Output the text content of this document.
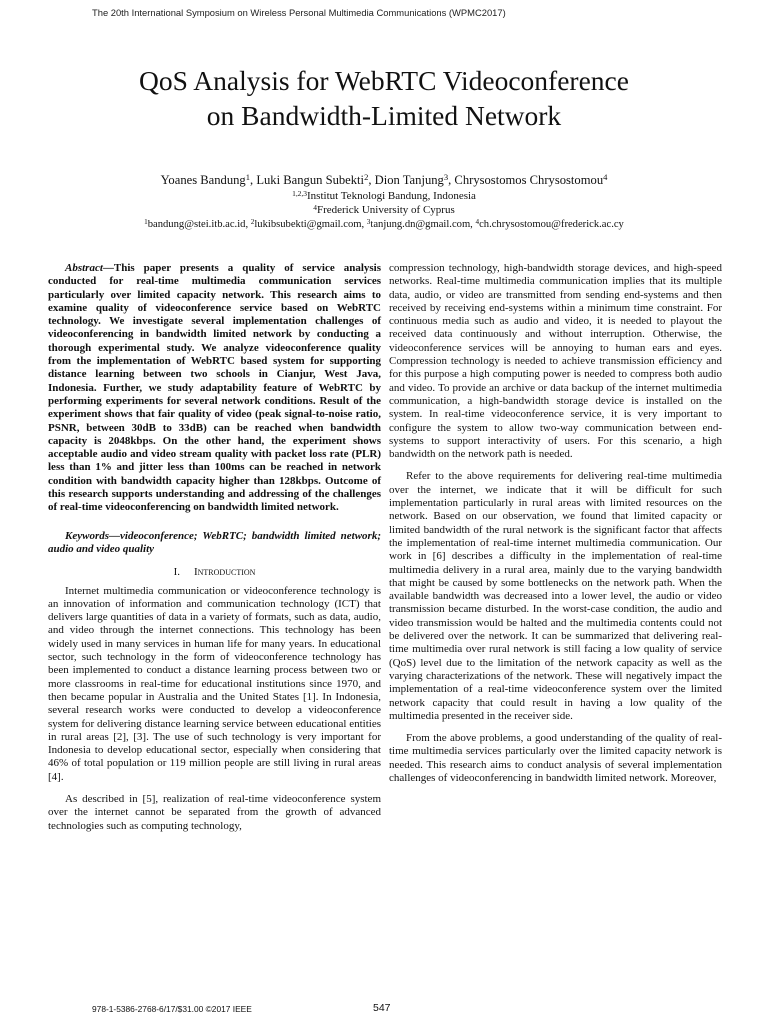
The 20th International Symposium on Wireless Personal Multimedia Communications (WPMC2017)
QoS Analysis for WebRTC Videoconference
on Bandwidth-Limited Network
Yoanes Bandung$^1$, Luki Bangun Subekti$^2$, Dion Tanjung$^3$, Chrysostomos Chrysostomou$^4$
$^{1,2,3}$Institut Teknologi Bandung, Indonesia
$^4$Frederick University of Cyprus
$^1$bandung@stei.itb.ac.id, $^2$lukibsubekti@gmail.com, $^3$tanjung.dn@gmail.com, $^4$ch.chrysostomou@frederick.ac.cy

Abstract—This paper presents a quality of service analysis conducted for real-time multimedia communication services particularly over limited capacity network. This research aims to examine quality of videoconference service based on WebRTC technology. We investigate several implementation challenges of videoconferencing in bandwidth limited network by conducting a thorough experimental study. We analyze videoconference quality from the implementation of WebRTC based system for supporting distance learning between two schools in Cianjur, West Java, Indonesia. Further, we study adaptability feature of WebRTC by performing experiments for several network conditions. Result of the experiment shows that fair quality of video (peak signal-to-noise ratio, PSNR, between 30dB to 33dB) can be reached when bandwidth capacity is 2048kbps. On the other hand, the experiment shows acceptable audio and video stream quality with packet loss rate (PLR) less than 1% and jitter less than 100ms can be reached in network condition with bandwidth capacity higher than 128kbps. Outcome of this research supports understanding and addressing of the challenges of real-time videoconferencing on bandwidth limited network.

Keywords—videoconference; WebRTC; bandwidth limited network; audio and video quality

I. Introduction

Internet multimedia communication or videoconference technology is an innovation of information and communication technology (ICT) that delivers large quantities of data in a variety of formats, such as data, audio, and video through the internet connections. This technology has been widely used in many services in human life for many years. In educational sector, such technology in the form of videoconference technology has been implemented to conduct a distance learning process between two or more classrooms in real-time for educational institutions since 1970, and then became popular in Australia and the United States [1]. In Indonesia, several research works were conducted to develop a videoconference system for delivering distance learning service between educational entities in rural areas [2], [3]. The use of such technology is very important for Indonesia to develop educational sector, especially when considering that 46% of total population or 119 million people are still living in rural areas [4].

As described in [5], realization of real-time videoconference system over the internet cannot be separated from the growth of advanced technologies such as computing technology,

compression technology, high-bandwidth storage devices, and high-speed networks. Real-time multimedia communication implies that its multiple data, audio, or video are transmitted from sending end-systems and then received by receiving end-systems within a minimum time constraint. For continuous media such as audio and video, it is needed to playout the received data continuously and without interruption. Otherwise, the videoconference services will be annoying to human ears and eyes. Compression technology is needed to achieve transmission efficiency and for this purpose a high computing power is needed to compress both audio and video. To provide an archive or data backup of the internet multimedia communication, a high-bandwidth storage device is installed on the system. In real-time videoconference service, it is very important to configure the system to allow two-way communication between end-systems to support interactivity of users. For this scenario, a high bandwidth on the network path is needed.

Refer to the above requirements for delivering real-time multimedia over the internet, we indicate that it will be difficult for such implementation particularly in rural areas with limited resources on the network. Based on our observation, we found that limited capacity or limited bandwidth of the rural network is the significant factor that affects the implementation of real-time internet multimedia communication. Our work in [6] describes a difficulty in the implementation of real-time multimedia delivery in a rural area, mainly due to the varying bandwidth that might be caused by some bottlenecks on the network path. When the available bandwidth was decreased into a lower level, the audio or video transmission became disturbed. In the worst-case condition, the audio and video transmission would be halted and the multimedia contents could not be delivered over the network. It can be summarized that delivering real-time multimedia over rural network is still facing a low quality of service (QoS) level due to the limitation of the network capacity as well as the varying characterizations of the network. These will negatively impact the implementation of a real-time videoconference system over the limited network capacity that could result in having a low quality of the multimedia presented in the receiver side.

From the above problems, a good understanding of the quality of real-time multimedia services particularly over the limited capacity network is needed. This research aims to conduct analysis of several implementation challenges of videoconferencing in bandwidth limited network. Moreover,

978-1-5386-2768-6/17/$31.00 ©2017 IEEE	547
